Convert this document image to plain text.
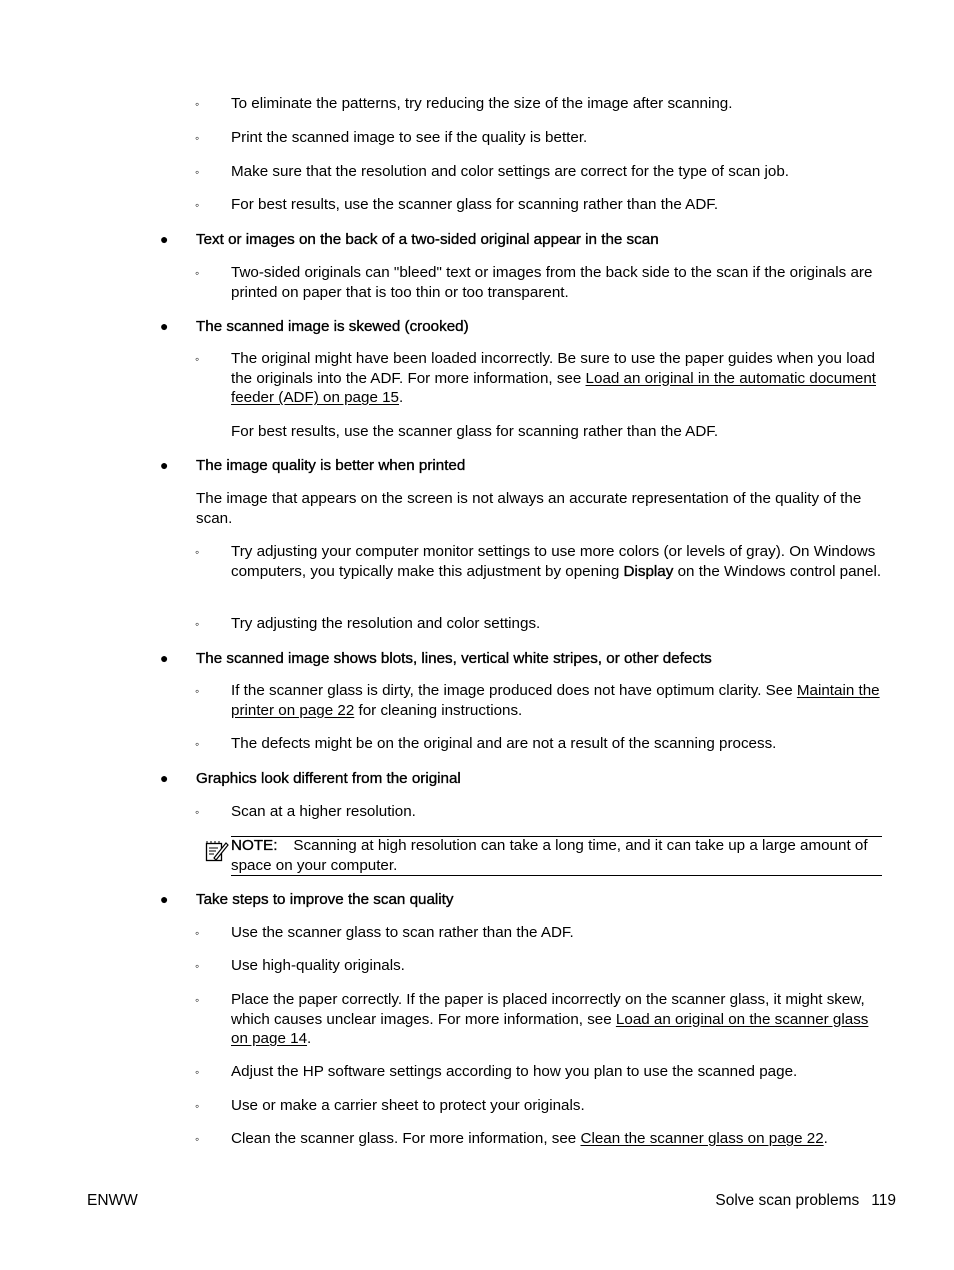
◦ To eliminate the patterns, try reducing the size of the image after scanning.
◦ Print the scanned image to see if the quality is better.
◦ Make sure that the resolution and color settings are correct for the type of scan job.
◦ For best results, use the scanner glass for scanning rather than the ADF.
● Text or images on the back of a two-sided original appear in the scan
◦ Two-sided originals can "bleed" text or images from the back side to the scan if the originals are printed on paper that is too thin or too transparent.
● The scanned image is skewed (crooked)
◦ The original might have been loaded incorrectly. Be sure to use the paper guides when you load the originals into the ADF. For more information, see Load an original in the automatic document feeder (ADF) on page 15.
For best results, use the scanner glass for scanning rather than the ADF.
● The image quality is better when printed
The image that appears on the screen is not always an accurate representation of the quality of the scan.
◦ Try adjusting your computer monitor settings to use more colors (or levels of gray). On Windows computers, you typically make this adjustment by opening Display on the Windows control panel.
◦ Try adjusting the resolution and color settings.
● The scanned image shows blots, lines, vertical white stripes, or other defects
◦ If the scanner glass is dirty, the image produced does not have optimum clarity. See Maintain the printer on page 22 for cleaning instructions.
◦ The defects might be on the original and are not a result of the scanning process.
● Graphics look different from the original
◦ Scan at a higher resolution.
NOTE: Scanning at high resolution can take a long time, and it can take up a large amount of space on your computer.
● Take steps to improve the scan quality
◦ Use the scanner glass to scan rather than the ADF.
◦ Use high-quality originals.
◦ Place the paper correctly. If the paper is placed incorrectly on the scanner glass, it might skew, which causes unclear images. For more information, see Load an original on the scanner glass on page 14.
◦ Adjust the HP software settings according to how you plan to use the scanned page.
◦ Use or make a carrier sheet to protect your originals.
◦ Clean the scanner glass. For more information, see Clean the scanner glass on page 22.
ENWW	Solve scan problems 119
